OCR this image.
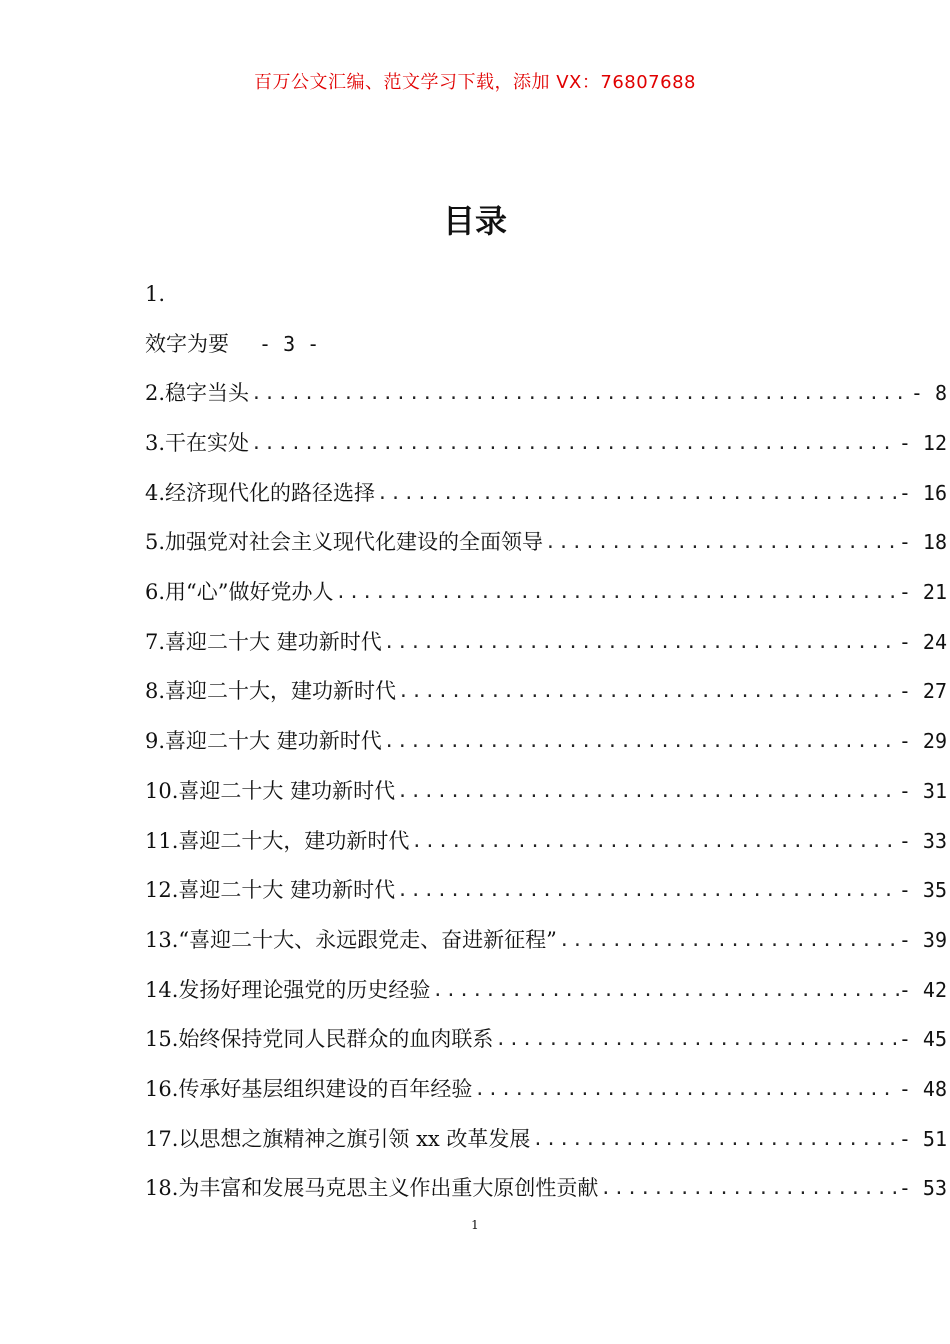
百万公文汇编、范文学习下载，添加 VX：76807688
目录
1.
效字为要 - 3 -
2.稳字当头 .....	- 8
3.干在实处 .....	- 12
4.经济现代化的路径选择 .....	- 16
5.加强党对社会主义现代化建设的全面领导 .....	- 18
6.用“心”做好党办人 .....	- 21
7.喜迎二十大 建功新时代 .....	- 24
8.喜迎二十大，建功新时代 .....	- 27
9.喜迎二十大 建功新时代 .....	- 29
10.喜迎二十大 建功新时代 .....	- 31
11.喜迎二十大，建功新时代 .....	- 33
12.喜迎二十大 建功新时代 .....	- 35
13.“喜迎二十大、永远跟党走、奋进新征程” .....	- 39
14.发扬好理论强党的历史经验 .....	- 42
15.始终保持党同人民群众的血肉联系 .....	- 45
16.传承好基层组织建设的百年经验 .....	- 48
17.以思想之旗精神之旗引领 xx 改革发展 .....	- 51
18.为丰富和发展马克思主义作出重大原创性贡献 .....	- 53
1
